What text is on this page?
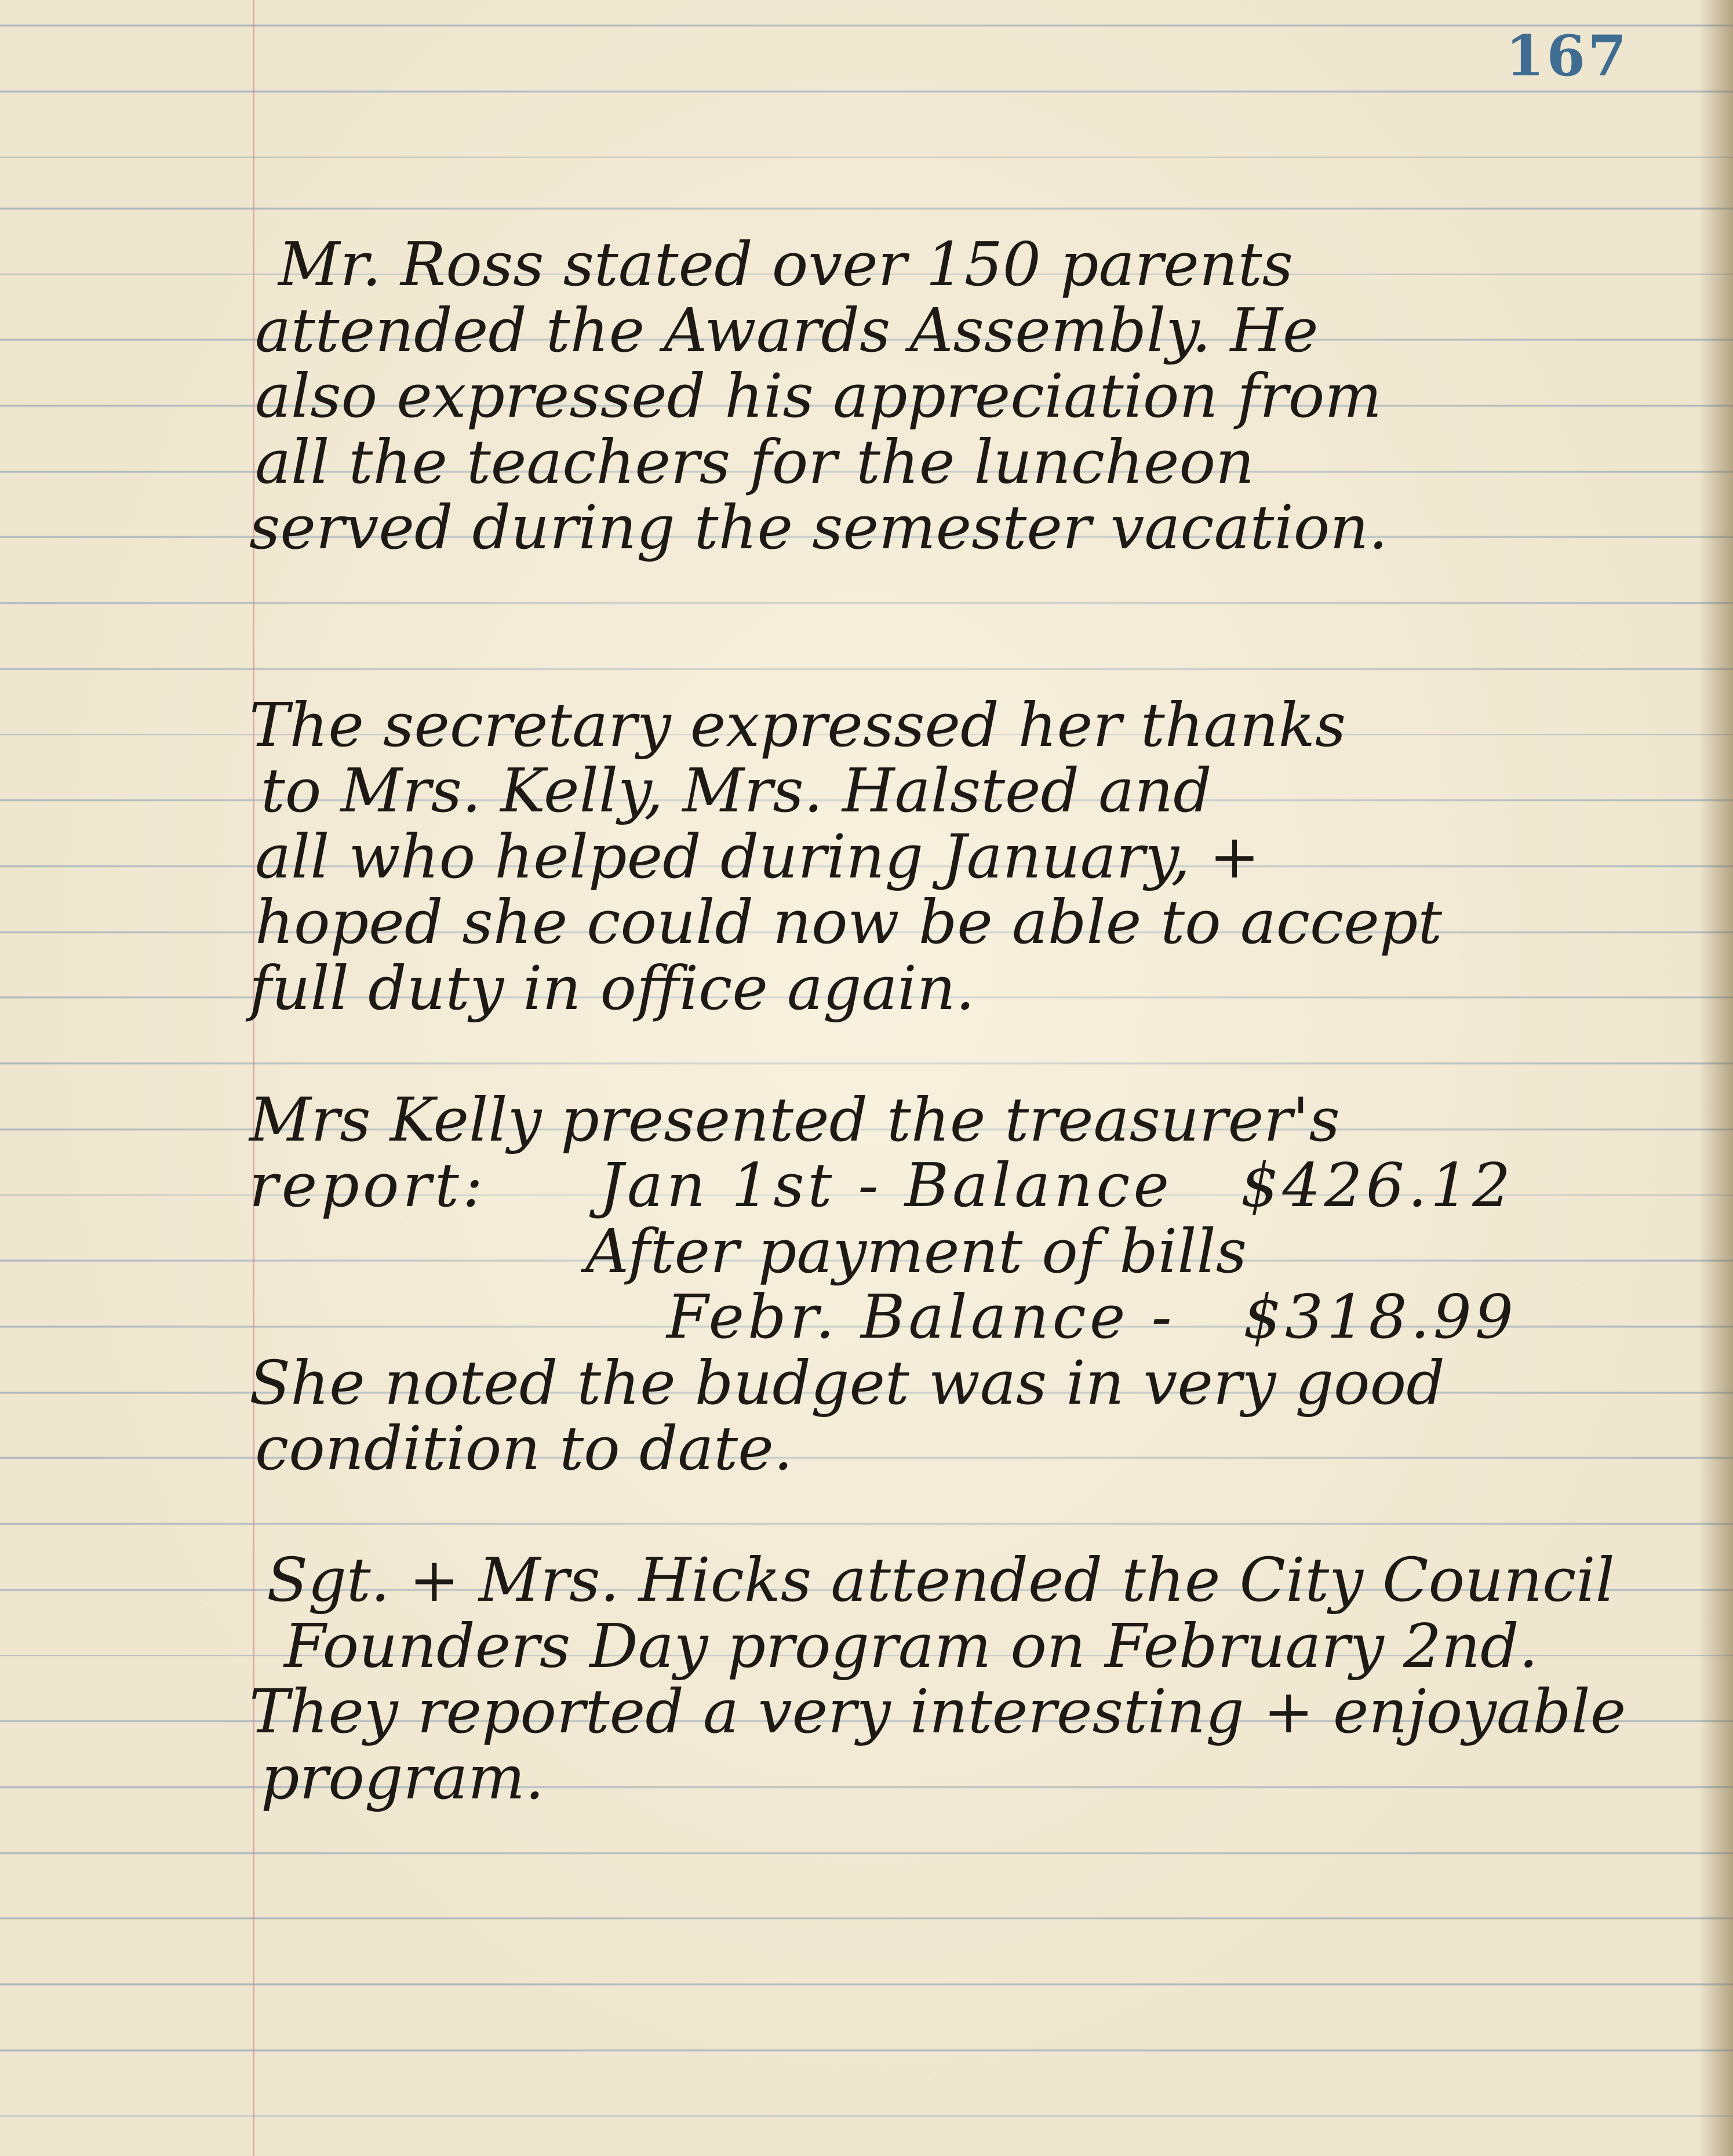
167
Mr. Ross stated over 150 parents
attended the Awards Assembly. He
also expressed his appreciation from
all the teachers for the luncheon
served during the semester vacation.
The secretary expressed her thanks
to Mrs. Kelly, Mrs. Halsted and
all who helped during January, +
hoped she could now be able to accept
full duty in office again.
Mrs Kelly presented the treasurer's
report:     Jan 1st - Balance   $426.12
After payment of bills
Febr. Balance -   $318.99
She noted the budget was in very good
condition to date.
Sgt. + Mrs. Hicks attended the City Council
Founders Day program on February 2nd.
They reported a very interesting + enjoyable
program.
